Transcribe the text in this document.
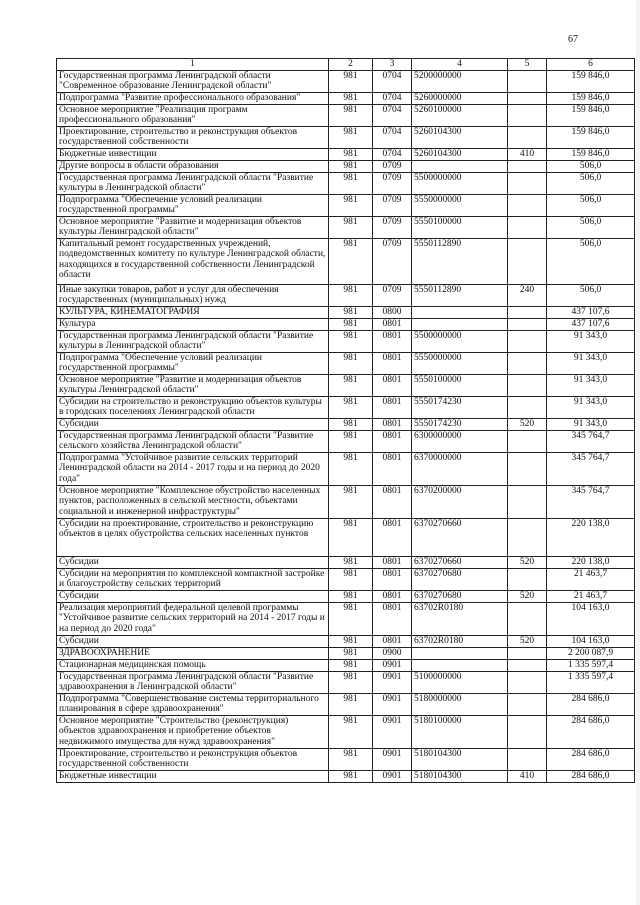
67
1	2	3	4	5	6
Государственная программа Ленинградской области "Современное образование Ленинградской области"	981	0704	5200000000		159 846,0
Подпрограмма "Развитие профессионального образования"	981	0704	5260000000		159 846,0
Основное мероприятие "Реализация программ профессионального образования"	981	0704	5260100000		159 846,0
Проектирование, строительство и реконструкция объектов государственной собственности	981	0704	5260104300		159 846,0
Бюджетные инвестиции	981	0704	5260104300	410	159 846,0
Другие вопросы в области образования	981	0709			506,0
Государственная программа Ленинградской области "Развитие культуры в Ленинградской области"	981	0709	5500000000		506,0
Подпрограмма "Обеспечение условий реализации государственной программы"	981	0709	5550000000		506,0
Основное мероприятие "Развитие и модернизация объектов культуры Ленинградской области"	981	0709	5550100000		506,0
Капитальный ремонт государственных учреждений, подведомственных комитету по культуре Ленинградской области, находящихся в государственной собственности Ленинградской области	981	0709	5550112890		506,0
Иные закупки товаров, работ и услуг для обеспечения государственных (муниципальных) нужд	981	0709	5550112890	240	506,0
КУЛЬТУРА, КИНЕМАТОГРАФИЯ	981	0800			437 107,6
Культура	981	0801			437 107,6
Государственная программа Ленинградской области "Развитие культуры в Ленинградской области"	981	0801	5500000000		91 343,0
Подпрограмма "Обеспечение условий реализации государственной программы"	981	0801	5550000000		91 343,0
Основное мероприятие "Развитие и модернизация объектов культуры Ленинградской области"	981	0801	5550100000		91 343,0
Субсидии на строительство и реконструкцию объектов культуры в городских поселениях Ленинградской области	981	0801	5550174230		91 343,0
Субсидии	981	0801	5550174230	520	91 343,0
Государственная программа Ленинградской области "Развитие сельского хозяйства Ленинградской области"	981	0801	6300000000		345 764,7
Подпрограмма "Устойчивое развитие сельских территорий Ленинградской области на 2014 - 2017 годы и на период до 2020 года"	981	0801	6370000000		345 764,7
Основное мероприятие "Комплексное обустройство населенных пунктов, расположенных в сельской местности, объектами социальной и инженерной инфраструктуры"	981	0801	6370200000		345 764,7
Субсидии на проектирование, строительство и реконструкцию объектов в целях обустройства сельских населенных пунктов	981	0801	6370270660		220 138,0
Субсидии	981	0801	6370270660	520	220 138,0
Субсидии на мероприятия по комплексной компактной застройке и благоустройству сельских территорий	981	0801	6370270680		21 463,7
Субсидии	981	0801	6370270680	520	21 463,7
Реализация мероприятий федеральной целевой программы "Устойчивое развитие сельских территорий на 2014 - 2017 годы и на период до 2020 года"	981	0801	63702R0180		104 163,0
Субсидии	981	0801	63702R0180	520	104 163,0
ЗДРАВООХРАНЕНИЕ	981	0900			2 200 087,9
Стационарная медицинская помощь	981	0901			1 335 597,4
Государственная программа Ленинградской области "Развитие здравоохранения в Ленинградской области"	981	0901	5100000000		1 335 597,4
Подпрограмма "Совершенствование системы территориального планирования в сфере здравоохранения"	981	0901	5180000000		284 686,0
Основное мероприятие "Строительство (реконструкция) объектов здравоохранения и приобретение объектов недвижимого имущества для нужд здравоохранения"	981	0901	5180100000		284 686,0
Проектирование, строительство и реконструкция объектов государственной собственности	981	0901	5180104300		284 686,0
Бюджетные инвестиции	981	0901	5180104300	410	284 686,0
